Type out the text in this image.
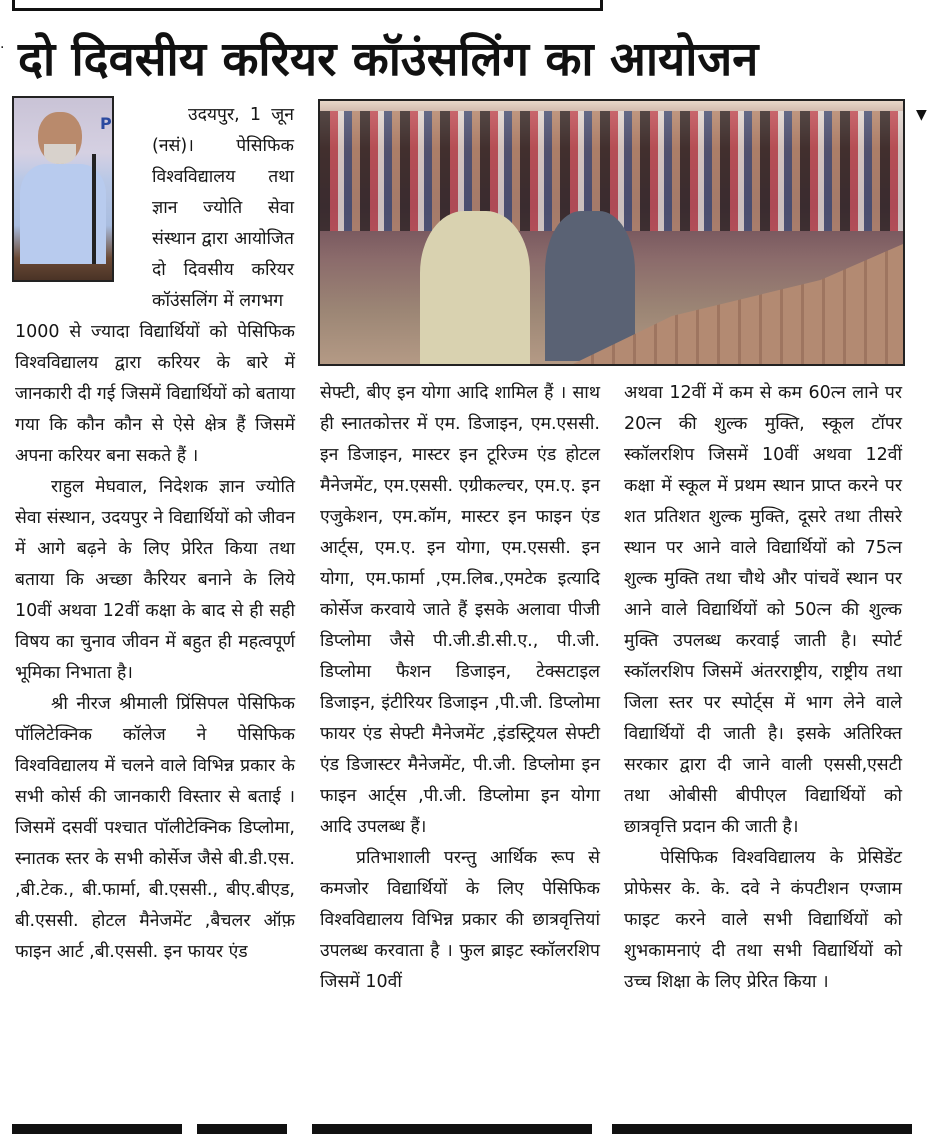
· दो दिवसीय करियर कॉउंसलिंग का आयोजन
P	उदयपुर, 1 जून (नसं)। पेसिफिक विश्वविद्यालय तथा ज्ञान ज्योति सेवा संस्थान द्वारा आयोजित दो दिवसीय करियर कॉउंसलिंग में लगभग

1000 से ज्यादा विद्यार्थियों को पेसिफिक विश्वविद्यालय द्वारा करियर के बारे में जानकारी दी गई जिसमें विद्यार्थियों को बताया गया कि कौन कौन से ऐसे क्षेत्र हैं जिसमें अपना करियर बना सकते हैं ।

राहुल मेघवाल, निदेशक ज्ञान ज्योति सेवा संस्थान, उदयपुर ने विद्यार्थियों को जीवन में आगे बढ़ने के लिए प्रेरित किया तथा बताया कि अच्छा कैरियर बनाने के लिये 10वीं अथवा 12वीं कक्षा के बाद से ही सही विषय का चुनाव जीवन में बहुत ही महत्वपूर्ण भूमिका निभाता है।

श्री नीरज श्रीमाली प्रिंसिपल पेसिफिक पॉलिटेक्निक कॉलेज ने पेसिफिक विश्वविद्यालय में चलने वाले विभिन्न प्रकार के सभी कोर्स की जानकारी विस्तार से बताई । जिसमें दसवीं पश्चात पॉलीटेक्निक डिप्लोमा, स्नातक स्तर के सभी कोर्सेज जैसे बी.डी.एस. ,बी.टेक., बी.फार्मा, बी.एससी., बीए.बीएड, बी.एससी. होटल मैनेजमेंट ,बैचलर ऑफ़ फाइन आर्ट ,बी.एससी. इन फायर एंड

सेफ्टी, बीए इन योगा आदि शामिल हैं । साथ ही स्नातकोत्तर में एम. डिजाइन, एम.एससी. इन डिजाइन, मास्टर इन टूरिज्म एंड होटल मैनेजमेंट, एम.एससी. एग्रीकल्चर, एम.ए. इन एजुकेशन, एम.कॉम, मास्टर इन फाइन एंड आर्ट्स, एम.ए. इन योगा, एम.एससी. इन योगा, एम.फार्मा ,एम.लिब.,एमटेक इत्यादि कोर्सेज करवाये जाते हैं इसके अलावा पीजी डिप्लोमा जैसे पी.जी.डी.सी.ए., पी.जी. डिप्लोमा फैशन डिजाइन, टेक्सटाइल डिजाइन, इंटीरियर डिजाइन ,पी.जी. डिप्लोमा फायर एंड सेफ्टी मैनेजमेंट ,इंडस्ट्रियल सेफ्टी एंड डिजास्टर मैनेजमेंट, पी.जी. डिप्लोमा इन फाइन आर्ट्स ,पी.जी. डिप्लोमा इन योगा आदि उपलब्ध हैं।

प्रतिभाशाली परन्तु आर्थिक रूप से कमजोर विद्यार्थियों के लिए पेसिफिक विश्वविद्यालय विभिन्न प्रकार की छात्रवृत्तियां उपलब्ध करवाता है । फुल ब्राइट स्कॉलरशिप जिसमें 10वीं

अथवा 12वीं में कम से कम 60त्न लाने पर 20त्न की शुल्क मुक्ति, स्कूल टॉपर स्कॉलरशिप जिसमें 10वीं अथवा 12वीं कक्षा में स्कूल में प्रथम स्थान प्राप्त करने पर शत प्रतिशत शुल्क मुक्ति, दूसरे तथा तीसरे स्थान पर आने वाले विद्यार्थियों को 75त्न शुल्क मुक्ति तथा चौथे और पांचवें स्थान पर आने वाले विद्यार्थियों को 50त्न की शुल्क मुक्ति उपलब्ध करवाई जाती है। स्पोर्ट स्कॉलरशिप जिसमें अंतरराष्ट्रीय, राष्ट्रीय तथा जिला स्तर पर स्पोर्ट्स में भाग लेने वाले विद्यार्थियों दी जाती है। इसके अतिरिक्त सरकार द्वारा दी जाने वाली एससी,एसटी तथा ओबीसी बीपीएल विद्यार्थियों को छात्रवृत्ति प्रदान की जाती है।

पेसिफिक विश्वविद्यालय के प्रेसिडेंट प्रोफेसर के. के. दवे ने कंपटीशन एग्जाम फाइट करने वाले सभी विद्यार्थियों को शुभकामनाएं दी तथा सभी विद्यार्थियों को उच्च शिक्षा के लिए प्रेरित किया ।

▼
